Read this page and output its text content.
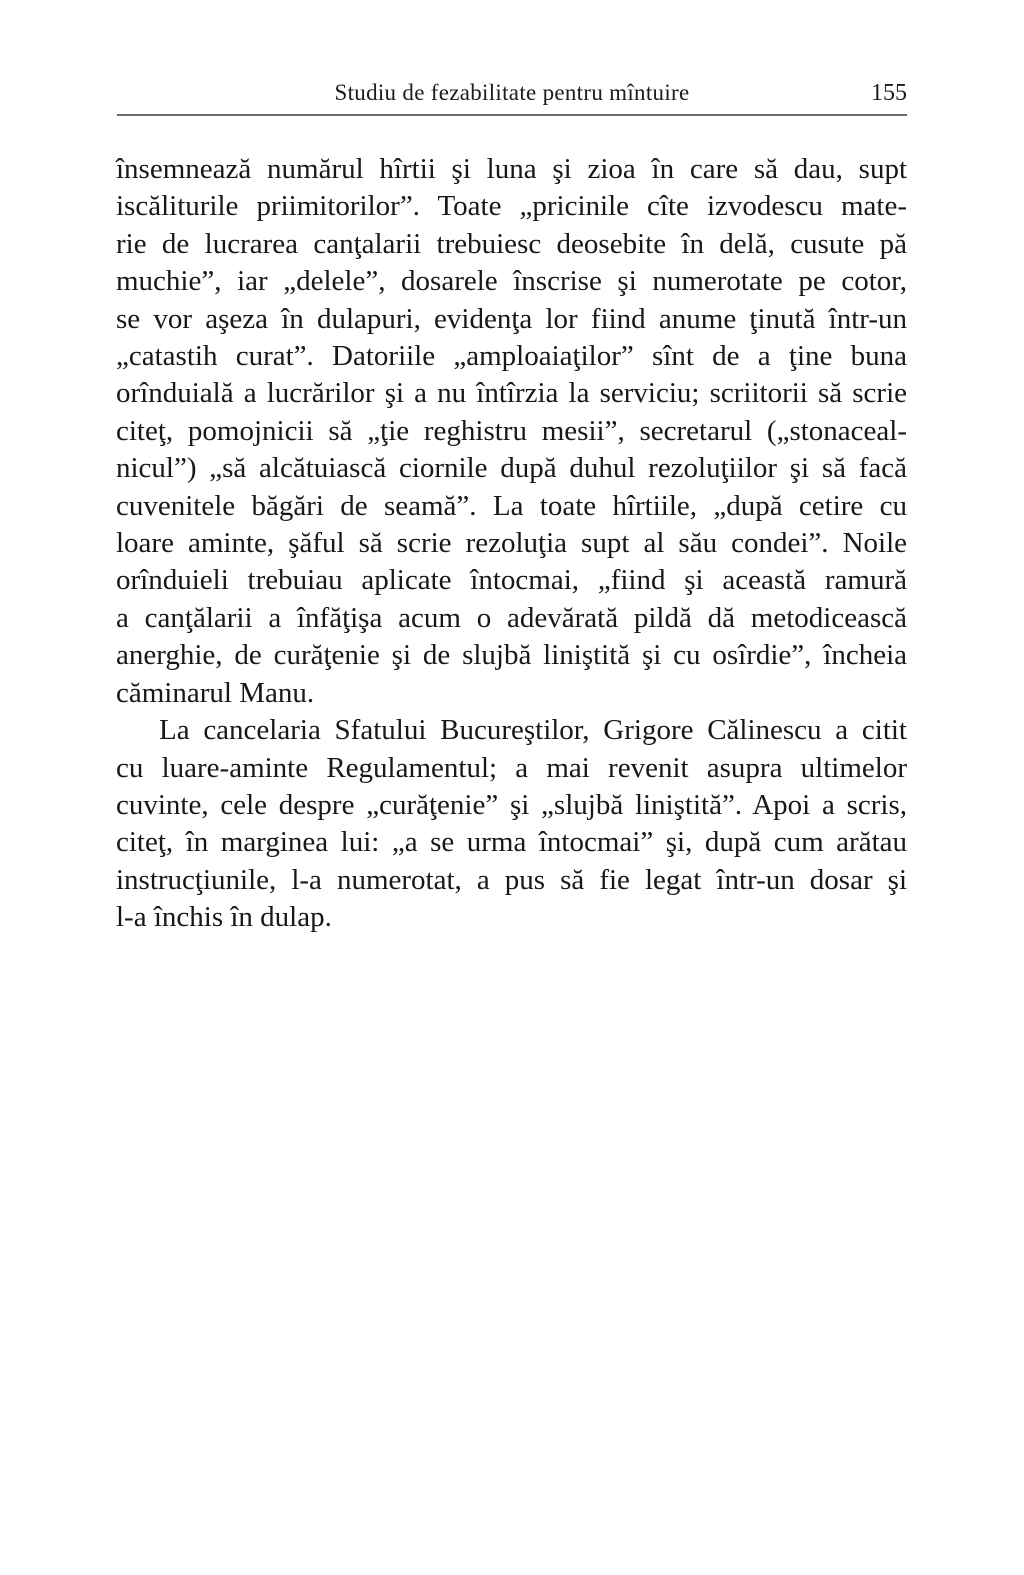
Studiu de fezabilitate pentru mîntuire	155
însemnează numărul hîrtii şi luna şi zioa în care să dau, supt
iscăliturile priimitorilor”. Toate „pricinile cîte izvodescu mate-
rie de lucrarea canţalarii trebuiesc deosebite în delă, cusute pă
muchie”, iar „delele”, dosarele înscrise şi numerotate pe cotor,
se vor aşeza în dulapuri, evidenţa lor fiind anume ţinută într-un
„catastih curat”. Datoriile „amploaiaţilor” sînt de a ţine buna
orînduială a lucrărilor şi a nu întîrzia la serviciu; scriitorii să scrie
citeţ, pomojnicii să „ţie reghistru mesii”, secretarul („stonaceal-
nicul”) „să alcătuiască ciornile după duhul rezoluţiilor şi să facă
cuvenitele băgări de seamă”. La toate hîrtiile, „după cetire cu
loare aminte, şăful să scrie rezoluţia supt al său condei”. Noile
orînduieli trebuiau aplicate întocmai, „fiind şi această ramură
a canţălarii a înfăţişa acum o adevărată pildă dă metodicească
anerghie, de curăţenie şi de slujbă liniştită şi cu osîrdie”, încheia
căminarul Manu.
La cancelaria Sfatului Bucureştilor, Grigore Călinescu a citit
cu luare-aminte Regulamentul; a mai revenit asupra ultimelor
cuvinte, cele despre „curăţenie” şi „slujbă liniştită”. Apoi a scris,
citeţ, în marginea lui: „a se urma întocmai” şi, după cum arătau
instrucţiunile, l-a numerotat, a pus să fie legat într-un dosar şi
l-a închis în dulap.
